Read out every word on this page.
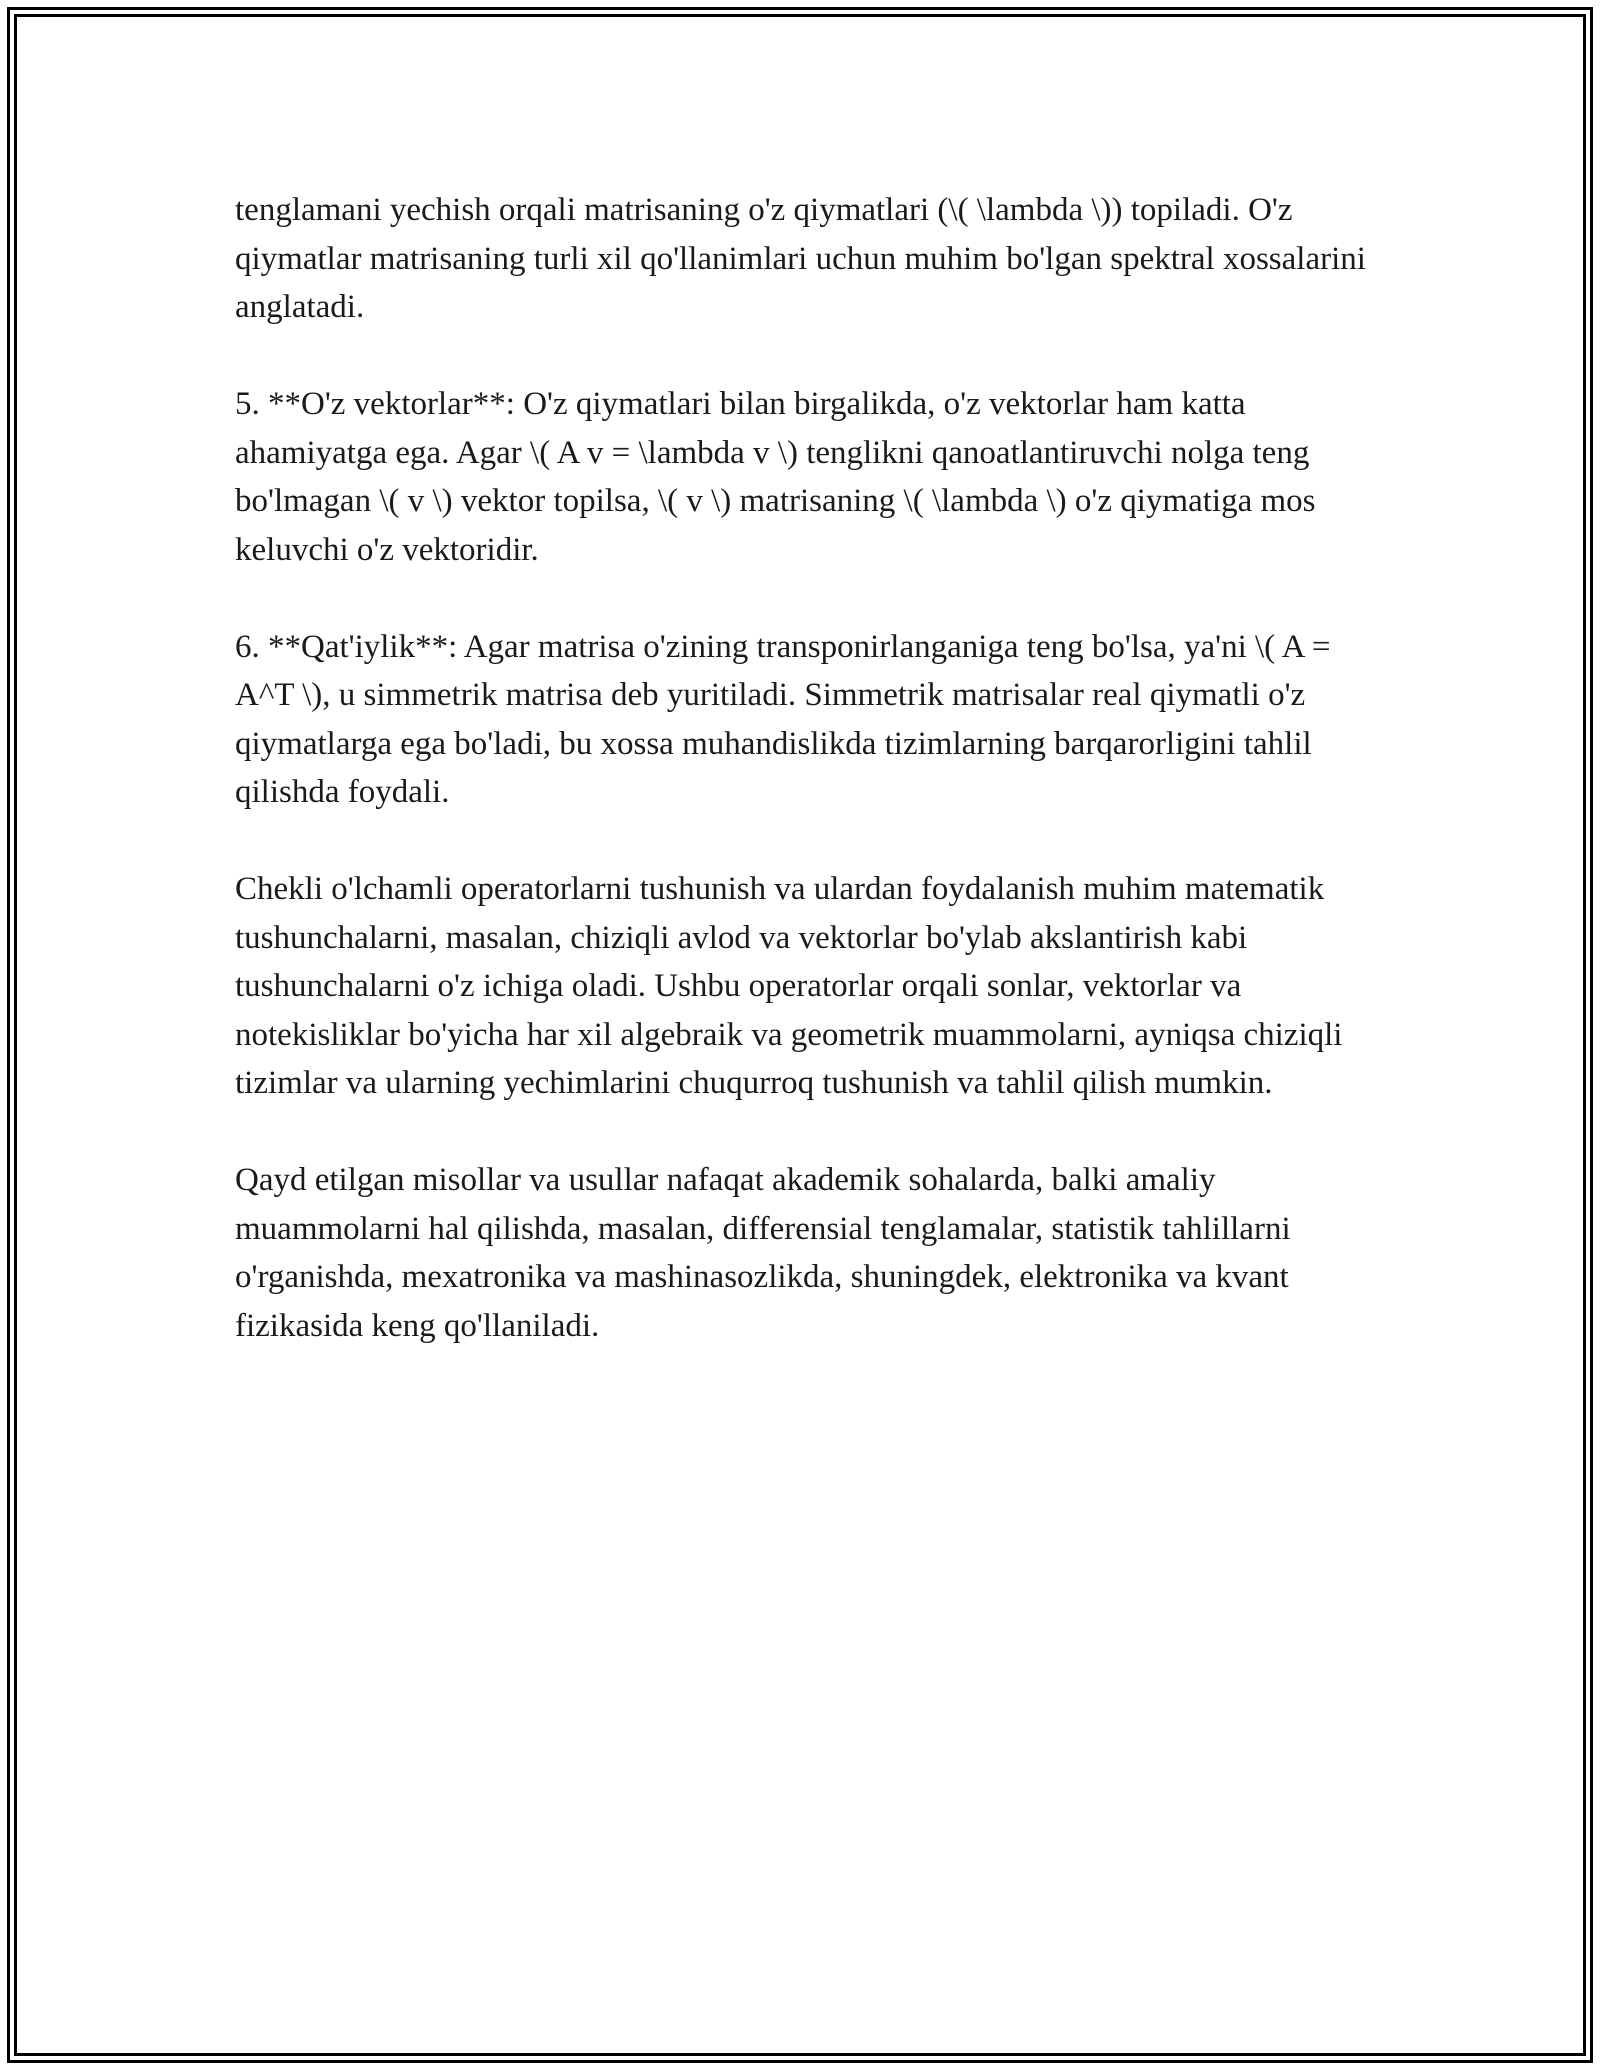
tenglamani yechish orqali matrisaning o'z qiymatlari (\( \lambda \)) topiladi. O'z qiymatlar matrisaning turli xil qo'llanimlari uchun muhim bo'lgan spektral xossalarini anglatadi.

5. **O'z vektorlar**: O'z qiymatlari bilan birgalikda, o'z vektorlar ham katta ahamiyatga ega. Agar \( A v = \lambda v \) tenglikni qanoatlantiruvchi nolga teng bo'lmagan \( v \) vektor topilsa, \( v \) matrisaning \( \lambda \) o'z qiymatiga mos keluvchi o'z vektoridir.

6. **Qat'iylik**: Agar matrisa o'zining transponirlanganiga teng bo'lsa, ya'ni \( A = A^T \), u simmetrik matrisa deb yuritiladi. Simmetrik matrisalar real qiymatli o'z qiymatlarga ega bo'ladi, bu xossa muhandislikda tizimlarning barqarorligini tahlil qilishda foydali.

Chekli o'lchamli operatorlarni tushunish va ulardan foydalanish muhim matematik tushunchalarni, masalan, chiziqli avlod va vektorlar bo'ylab akslantirish kabi tushunchalarni o'z ichiga oladi. Ushbu operatorlar orqali sonlar, vektorlar va notekisliklar bo'yicha har xil algebraik va geometrik muammolarni, ayniqsa chiziqli tizimlar va ularning yechimlarini chuqurroq tushunish va tahlil qilish mumkin.

Qayd etilgan misollar va usullar nafaqat akademik sohalarda, balki amaliy muammolarni hal qilishda, masalan, differensial tenglamalar, statistik tahlillarni o'rganishda, mexatronika va mashinasozlikda, shuningdek, elektronika va kvant fizikasida keng qo'llaniladi.
